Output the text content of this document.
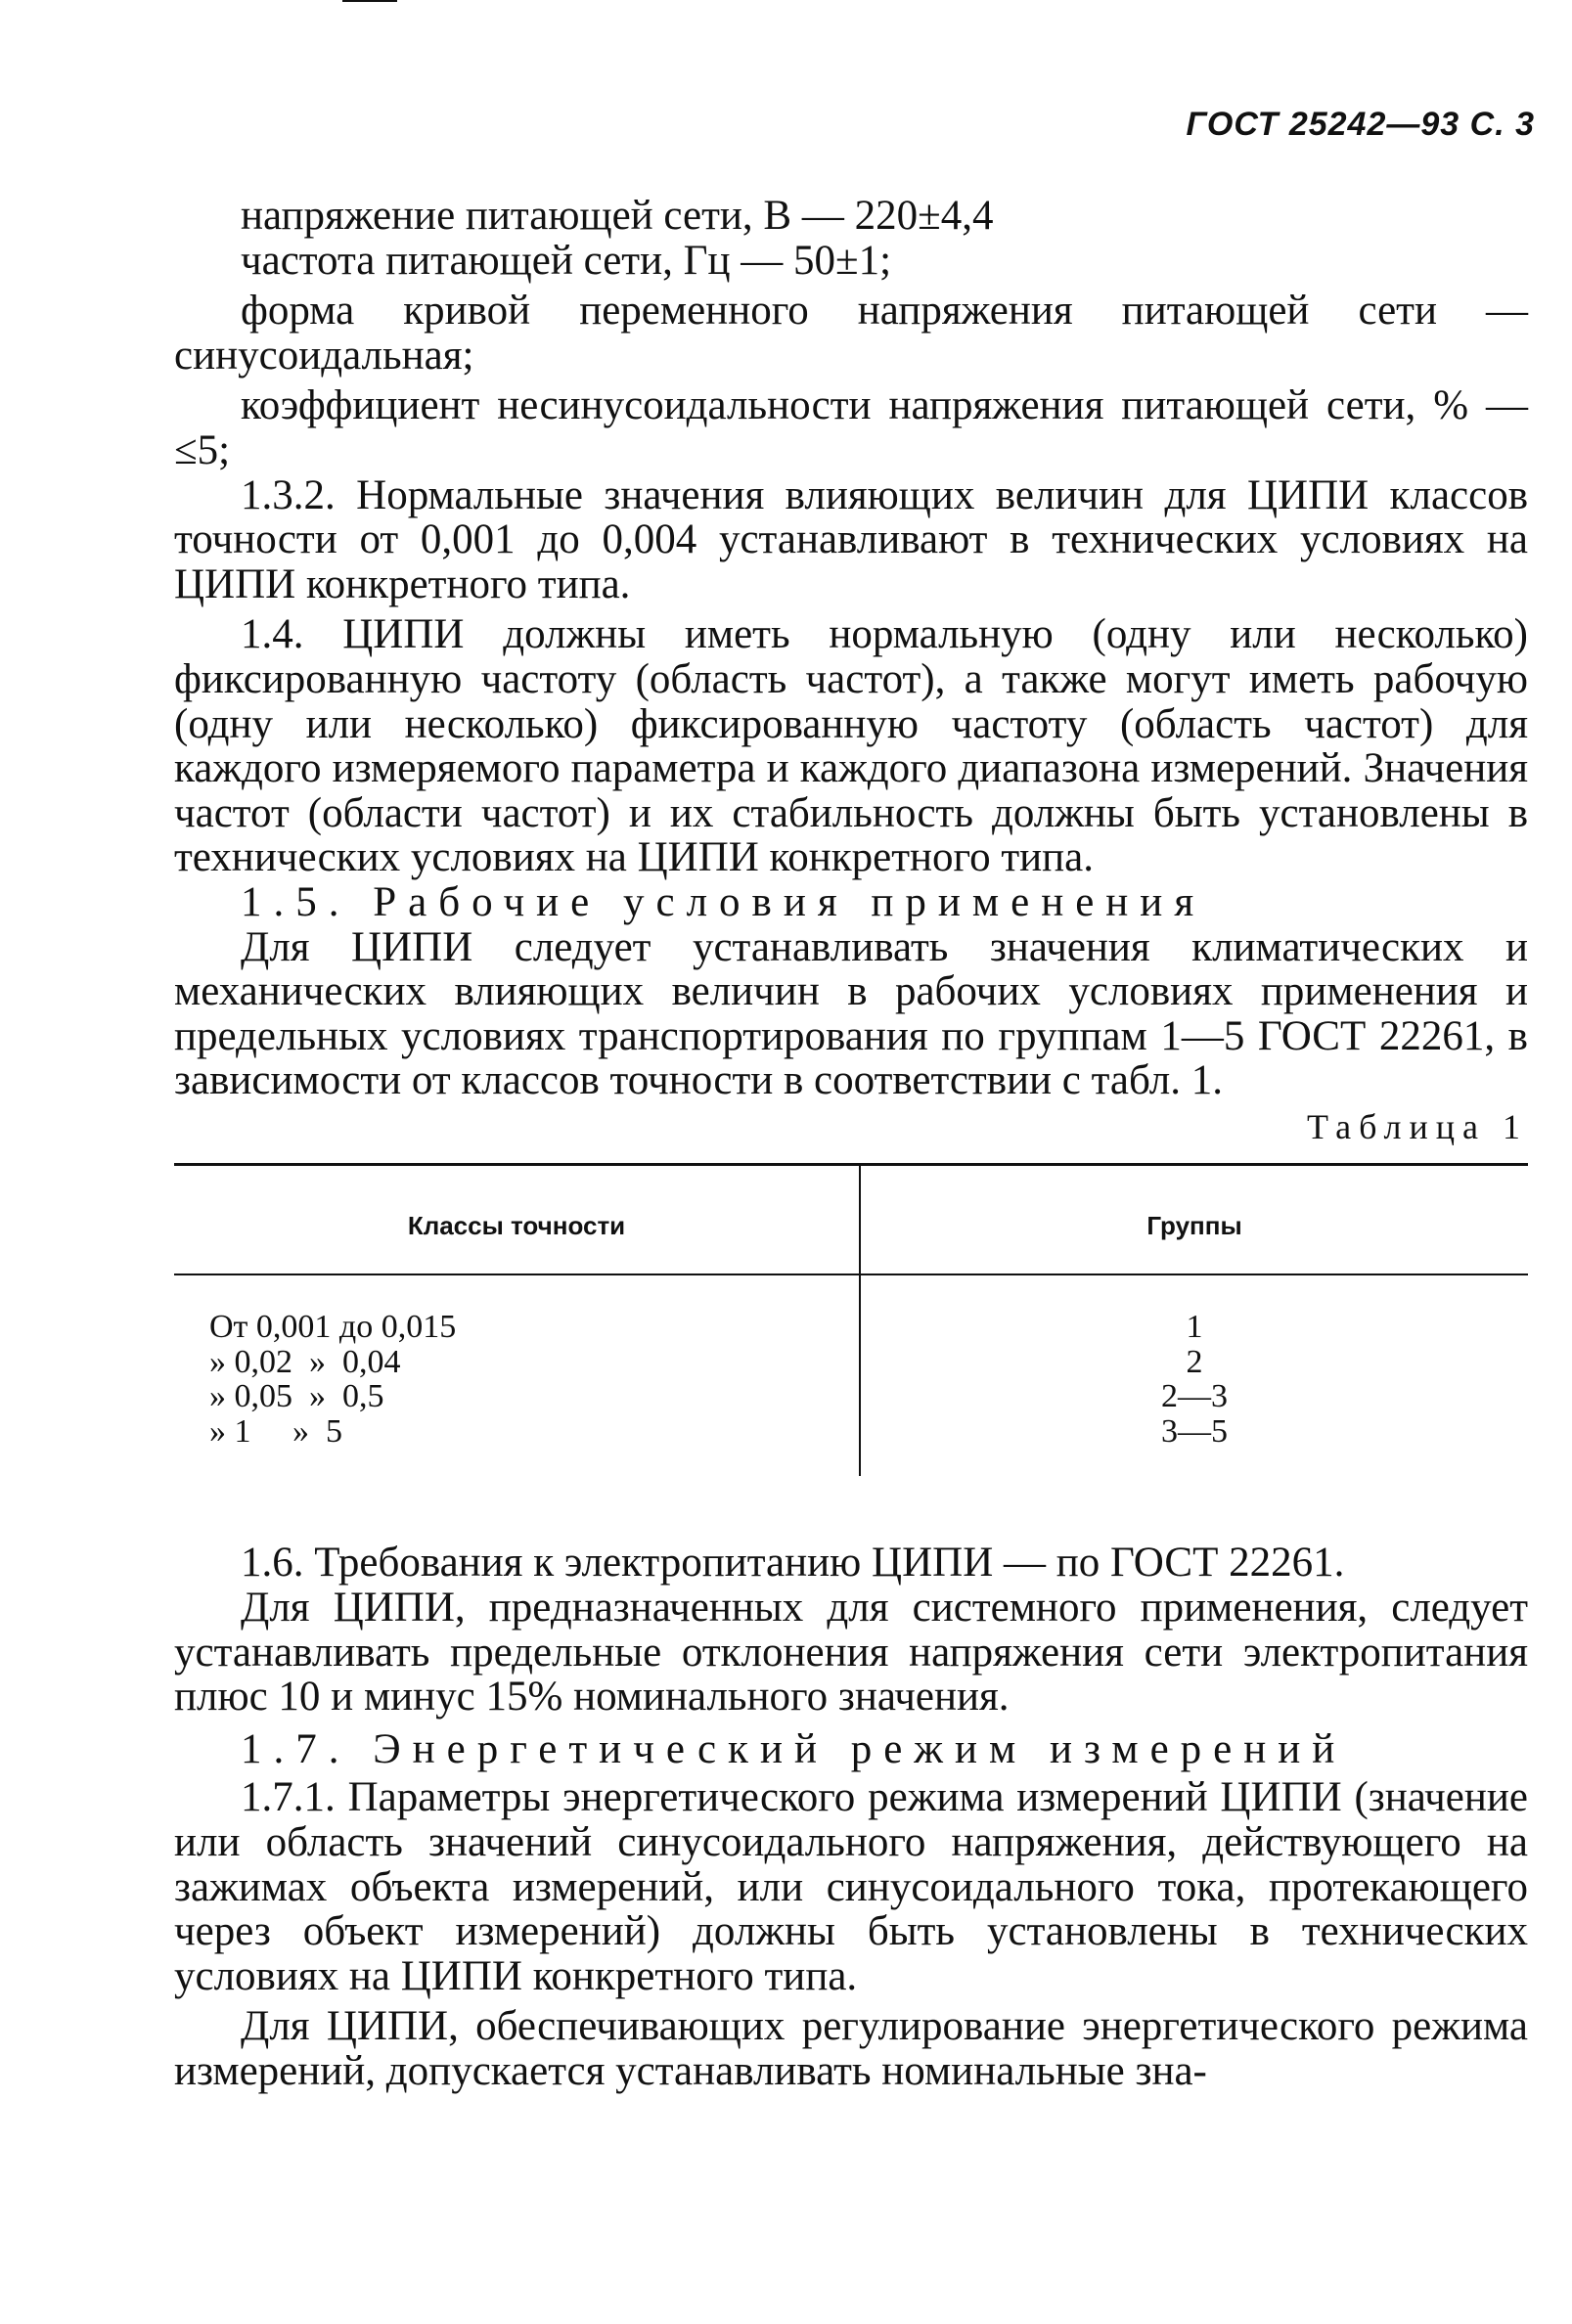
ГОСТ 25242—93 С. 3

напряжение питающей сети, В — 220±4,4

частота питающей сети, Гц — 50±1;

форма кривой переменного напряжения питающей сети — синусоидальная;

коэффициент несинусоидальности напряжения питающей сети, % — ≤5;

1.3.2. Нормальные значения влияющих величин для ЦИПИ классов точности от 0,001 до 0,004 устанавливают в технических условиях на ЦИПИ конкретного типа.

1.4. ЦИПИ должны иметь нормальную (одну или несколько) фиксированную частоту (область частот), а также могут иметь рабочую (одну или несколько) фиксированную частоту (область частот) для каждого измеряемого параметра и каждого диапазона измерений. Значения частот (области частот) и их стабильность должны быть установлены в технических условиях на ЦИПИ конкретного типа.

1.5. Рабочие условия применения

Для ЦИПИ следует устанавливать значения климатических и механических влияющих величин в рабочих условиях применения и предельных условиях транспортирования по группам 1—5 ГОСТ 22261, в зависимости от классов точности в соответствии с табл. 1.

Таблица 1
Классы точности	Группы
От 0,001 до 0,015
» 0,02  »  0,04
» 0,05  »  0,5
» 1     »  5
1
2
2—3
3—5

1.6. Требования к электропитанию ЦИПИ — по ГОСТ 22261.

Для ЦИПИ, предназначенных для системного применения, следует устанавливать предельные отклонения напряжения сети электропитания плюс 10 и минус 15% номинального значения.

1.7. Энергетический режим измерений

1.7.1. Параметры энергетического режима измерений ЦИПИ (значение или область значений синусоидального напряжения, действующего на зажимах объекта измерений, или синусоидального тока, протекающего через объект измерений) должны быть установлены в технических условиях на ЦИПИ конкретного типа.

Для ЦИПИ, обеспечивающих регулирование энергетического режима измерений, допускается устанавливать номинальные зна-
